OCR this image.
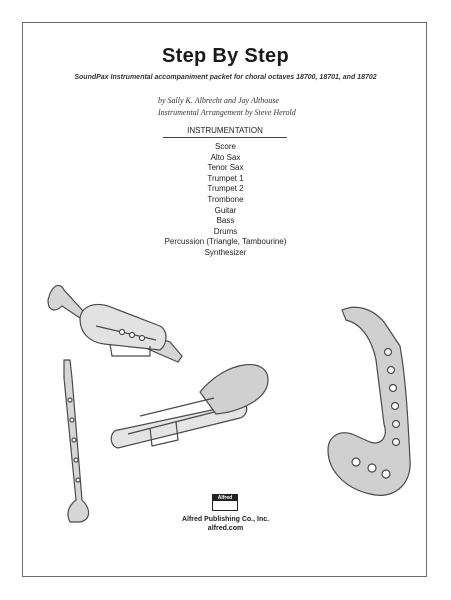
Step By Step
SoundPax Instrumental accompaniment packet for choral octaves 18700, 18701, and 18702
by Sally K. Albrecht and Jay Althouse
Instrumental Arrangement by Steve Herold
INSTRUMENTATION
Score
Alto Sax
Tenor Sax
Trumpet 1
Trumpet 2
Trombone
Guitar
Bass
Drums
Percussion (Triangle, Tambourine)
Synthesizer
Alfred
Alfred Publishing Co., Inc.
alfred.com
